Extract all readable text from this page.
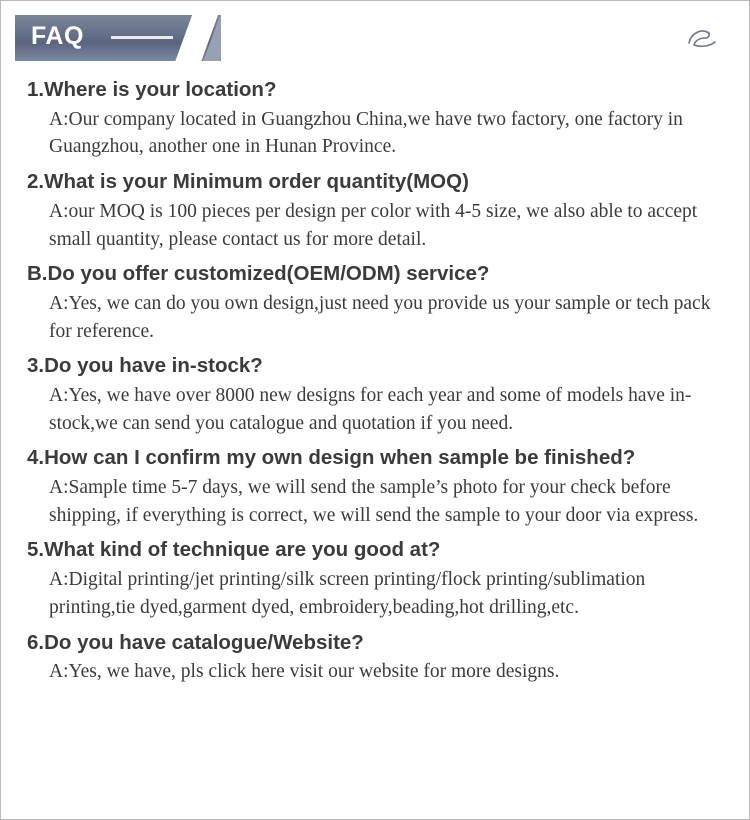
FAQ
1.Where is your location?
A:Our company located in Guangzhou China,we have two factory, one factory in Guangzhou, another one in Hunan Province.
2.What is your Minimum order quantity(MOQ)
A:our MOQ is 100 pieces per design per color with 4-5 size, we also able to accept small quantity, please contact us for more detail.
B.Do you offer customized(OEM/ODM) service?
A:Yes, we can do you own design,just need you provide us your sample or tech pack for reference.
3.Do you have in-stock?
A:Yes, we have over 8000 new designs for each year and some of models have in-stock,we can send you catalogue and quotation if you need.
4.How can I confirm my own design when sample be finished?
A:Sample time 5-7 days, we will send the sample’s photo for your check before shipping, if everything is correct, we will send the sample to your door via express.
5.What kind of technique are you good at?
A:Digital printing/jet printing/silk screen printing/flock printing/sublimation printing,tie dyed,garment dyed, embroidery,beading,hot drilling,etc.
6.Do you have catalogue/Website?
A:Yes, we have, pls click here visit our website for more designs.
